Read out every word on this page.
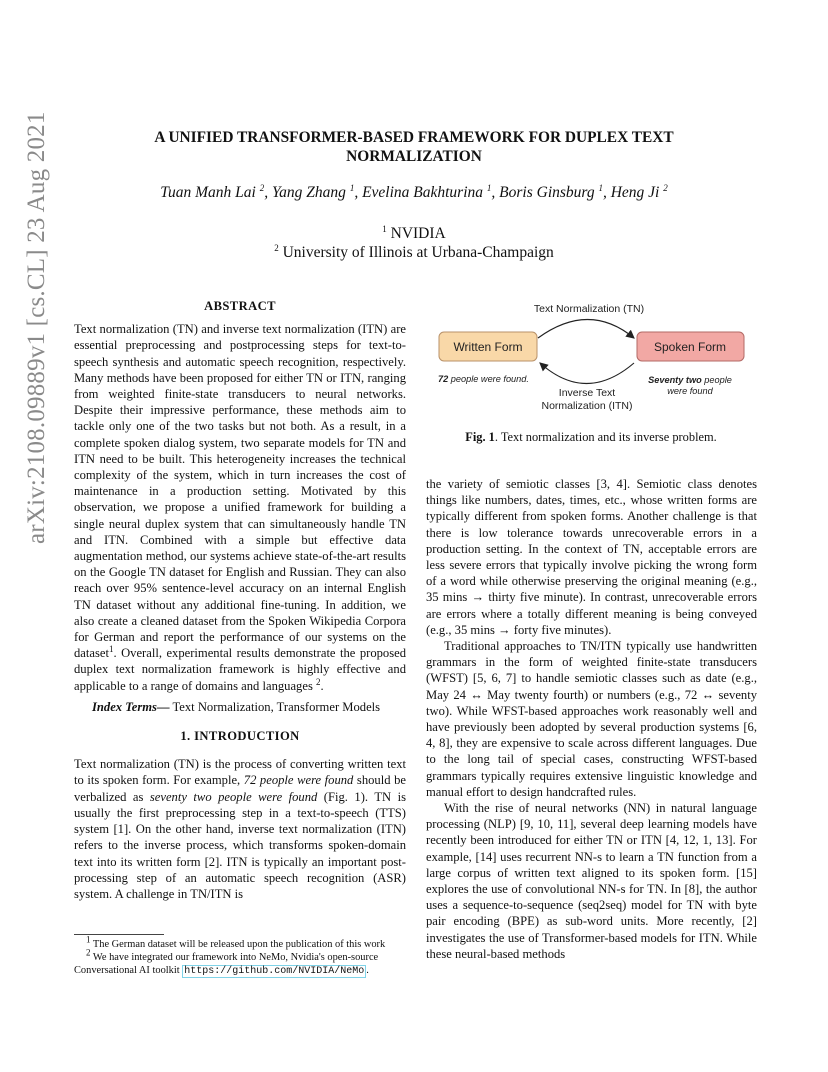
arXiv:2108.09889v1 [cs.CL] 23 Aug 2021	A UNIFIED TRANSFORMER-BASED FRAMEWORK FOR DUPLEX TEXT NORMALIZATION
Tuan Manh Lai $^2$, Yang Zhang $^1$, Evelina Bakhturina $^1$, Boris Ginsburg $^1$, Heng Ji $^2$
$^1$ NVIDIA
$^2$ University of Illinois at Urbana-Champaign
ABSTRACT

Text normalization (TN) and inverse text normalization (ITN) are essential preprocessing and postprocessing steps for text-to-speech synthesis and automatic speech recognition, respectively. Many methods have been proposed for either TN or ITN, ranging from weighted finite-state transducers to neural networks. Despite their impressive performance, these methods aim to tackle only one of the two tasks but not both. As a result, in a complete spoken dialog system, two separate models for TN and ITN need to be built. This heterogeneity increases the technical complexity of the system, which in turn increases the cost of maintenance in a production setting. Motivated by this observation, we propose a unified framework for building a single neural duplex system that can simultaneously handle TN and ITN. Combined with a simple but effective data augmentation method, our systems achieve state-of-the-art results on the Google TN dataset for English and Russian. They can also reach over 95% sentence-level accuracy on an internal English TN dataset without any additional fine-tuning. In addition, we also create a cleaned dataset from the Spoken Wikipedia Corpora for German and report the performance of our systems on the dataset$^1$. Overall, experimental results demonstrate the proposed duplex text normalization framework is highly effective and applicable to a range of domains and languages $^2$.

Index Terms— Text Normalization, Transformer Models

1. INTRODUCTION

Text normalization (TN) is the process of converting written text to its spoken form. For example, 72 people were found should be verbalized as seventy two people were found (Fig. 1). TN is usually the first preprocessing step in a text-to-speech (TTS) system [1]. On the other hand, inverse text normalization (ITN) refers to the inverse process, which transforms spoken-domain text into its written form [2]. ITN is typically an important post-processing step of an automatic speech recognition (ASR) system. A challenge in TN/ITN is

$^1$ The German dataset will be released upon the publication of this work
$^2$ We have integrated our framework into NeMo, Nvidia's open-source Conversational AI toolkit https://github.com/NVIDIA/NeMo .
Text Normalization (TN)
Written Form	Spoken Form
72 people were found.	Seventy two people
were found
Inverse Text
Normalization (ITN)
Fig. 1. Text normalization and its inverse problem.

the variety of semiotic classes [3, 4]. Semiotic class denotes things like numbers, dates, times, etc., whose written forms are typically different from spoken forms. Another challenge is that there is low tolerance towards unrecoverable errors in a production setting. In the context of TN, acceptable errors are less severe errors that typically involve picking the wrong form of a word while otherwise preserving the original meaning (e.g., 35 mins → thirty five minute). In contrast, unrecoverable errors are errors where a totally different meaning is being conveyed (e.g., 35 mins → forty five minutes).

Traditional approaches to TN/ITN typically use handwritten grammars in the form of weighted finite-state transducers (WFST) [5, 6, 7] to handle semiotic classes such as date (e.g., May 24 ↔ May twenty fourth) or numbers (e.g., 72 ↔ seventy two). While WFST-based approaches work reasonably well and have previously been adopted by several production systems [6, 4, 8], they are expensive to scale across different languages. Due to the long tail of special cases, constructing WFST-based grammars typically requires extensive linguistic knowledge and manual effort to design handcrafted rules.

With the rise of neural networks (NN) in natural language processing (NLP) [9, 10, 11], several deep learning models have recently been introduced for either TN or ITN [4, 12, 1, 13]. For example, [14] uses recurrent NN-s to learn a TN function from a large corpus of written text aligned to its spoken form. [15] explores the use of convolutional NN-s for TN. In [8], the author uses a sequence-to-sequence (seq2seq) model for TN with byte pair encoding (BPE) as sub-word units. More recently, [2] investigates the use of Transformer-based models for ITN. While these neural-based methods
